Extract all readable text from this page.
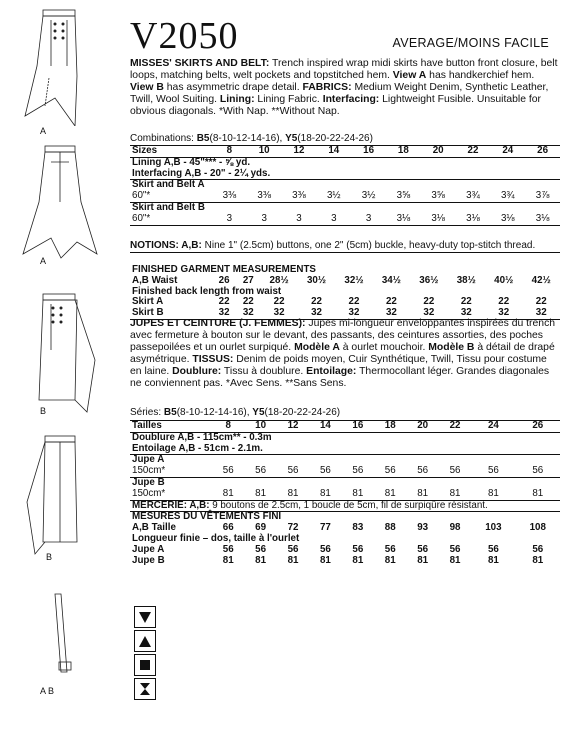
A
A
B
B
A B
V2050	AVERAGE/MOINS FACILE
MISSES' SKIRTS AND BELT: Trench inspired wrap midi skirts have button front closure, belt loops, matching belts, welt pockets and topstitched hem. View A has handkerchief hem. View B has asymmetric drape detail. FABRICS: Medium Weight Denim, Synthetic Leather, Twill, Wool Suiting. Lining: Lining Fabric. Interfacing: Lightweight Fusible. Unsuitable for obvious diagonals. *With Nap. **Without Nap.
Combinations: B5(8-10-12-14-16), Y5(18-20-22-24-26)
Sizes	8	10	12	14	16	18	20	22	24	26
Lining A,B - 45"*** - ⅝ yd.										
Interfacing A,B - 20" - 2¼ yds.										
Skirt and Belt A										
60"*	3⅜	3⅜	3⅜	3½	3½	3⅝	3⅝	3¾	3¾	3⅞
Skirt and Belt B										
60"*	3	3	3	3	3	3⅛	3⅛	3⅛	3⅛	3⅛
NOTIONS: A,B: Nine 1" (2.5cm) buttons, one 2" (5cm) buckle, heavy-duty top-stitch thread.
FINISHED GARMENT MEASUREMENTS										
A,B Waist	26	27	28½	30½	32½	34½	36½	38½	40½	42½
Finished back length from waist										
Skirt A	22	22	22	22	22	22	22	22	22	22
Skirt B	32	32	32	32	32	32	32	32	32	32
JUPES ET CEINTURE (J. FEMMES): Jupes mi-longueur enveloppantes inspirées du trench avec fermeture à bouton sur le devant, des passants, des ceintures assorties, des poches passepoilées et un ourlet surpiqué. Modèle A à ourlet mouchoir. Modèle B à détail de drapé asymétrique. TISSUS: Denim de poids moyen, Cuir Synthétique, Twill, Tissu pour costume en laine. Doublure: Tissu à doublure. Entoilage: Thermocollant léger. Grandes diagonales ne conviennent pas. *Avec Sens. **Sans Sens.
Séries: B5(8-10-12-14-16), Y5(18-20-22-24-26)
Tailles	8	10	12	14	16	18	20	22	24	26
Doublure A,B - 115cm** - 0.3m										
Entoilage A,B - 51cm - 2.1m.										
Jupe A										
150cm*	56	56	56	56	56	56	56	56	56	56
Jupe B										
150cm*	81	81	81	81	81	81	81	81	81	81
MERCERIE: A,B: 9 boutons de 2.5cm, 1 boucle de 5cm, fil de surpiqûre résistant.										
MESURES DU VÊTEMENTS FINI										
A,B Taille	66	69	72	77	83	88	93	98	103	108
Longueur finie – dos, taille à l'ourlet										
Jupe A	56	56	56	56	56	56	56	56	56	56
Jupe B	81	81	81	81	81	81	81	81	81	81
